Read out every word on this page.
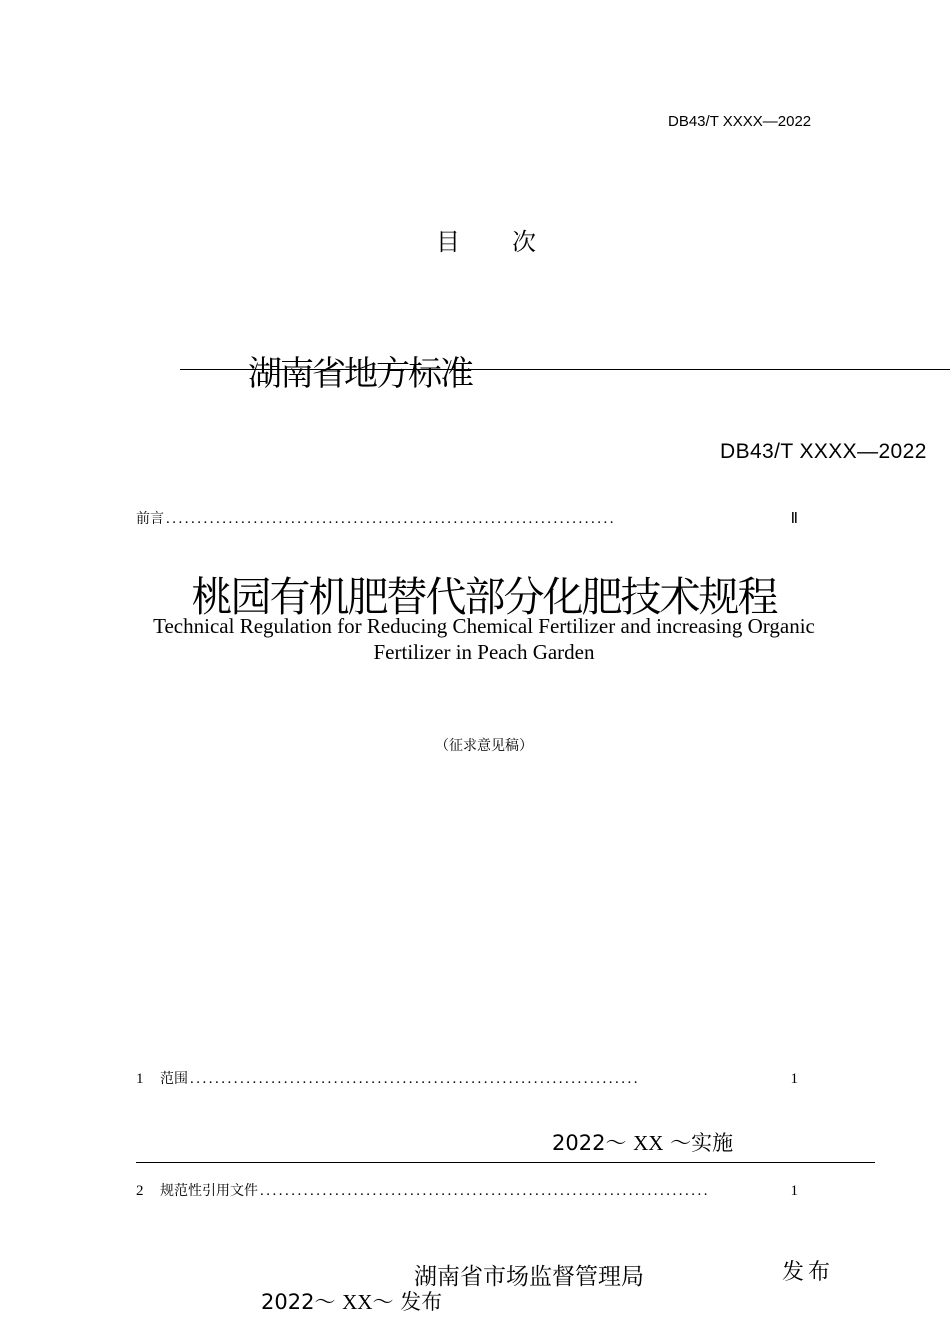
DB43/T XXXX—2022
目 次
湖南省地方标准
DB43/T XXXX—2022
前言 ........................................................................	Ⅱ
桃园有机肥替代部分化肥技术规程
Technical Regulation for Reducing Chemical Fertilizer and increasing Organic Fertilizer in Peach Garden
（征求意见稿）
1	范围 ........................................................................	1
2022～ XX ～实施
2	规范性引用文件 ........................................................................	1
湖南省市场监督管理局	发布
2022～ XX～ 发布
